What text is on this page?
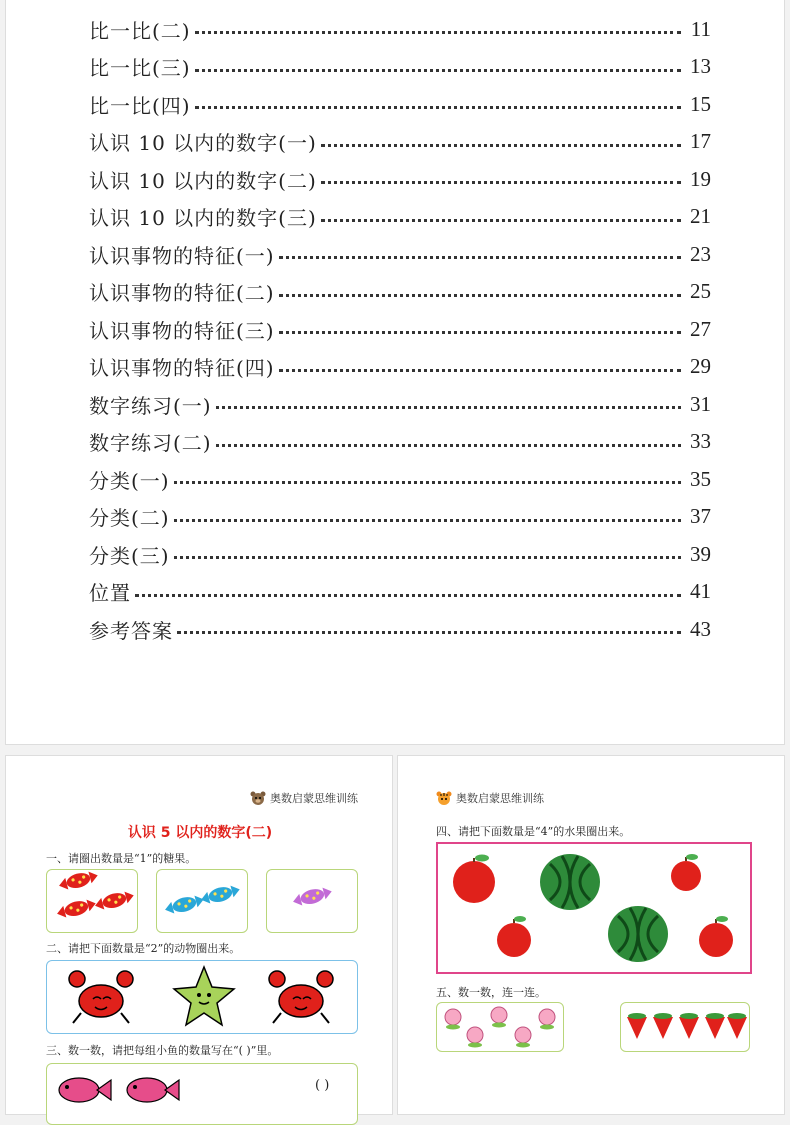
比一比(二)	11
比一比(三)	13
比一比(四)	15
认识 10 以内的数字(一)	17
认识 10 以内的数字(二)	19
认识 10 以内的数字(三)	21
认识事物的特征(一)	23
认识事物的特征(二)	25
认识事物的特征(三)	27
认识事物的特征(四)	29
数字练习(一)	31
数字练习(二)	33
分类(一)	35
分类(二)	37
分类(三)	39
位置	41
参考答案	43
奥数启蒙思维训练
认识 5 以内的数字(二)
一、请圈出数量是“1”的糖果。
二、请把下面数量是“2”的动物圈出来。
三、数一数，请把每组小鱼的数量写在“( )”里。
( )
奥数启蒙思维训练
四、请把下面数量是“4”的水果圈出来。
五、数一数，连一连。
